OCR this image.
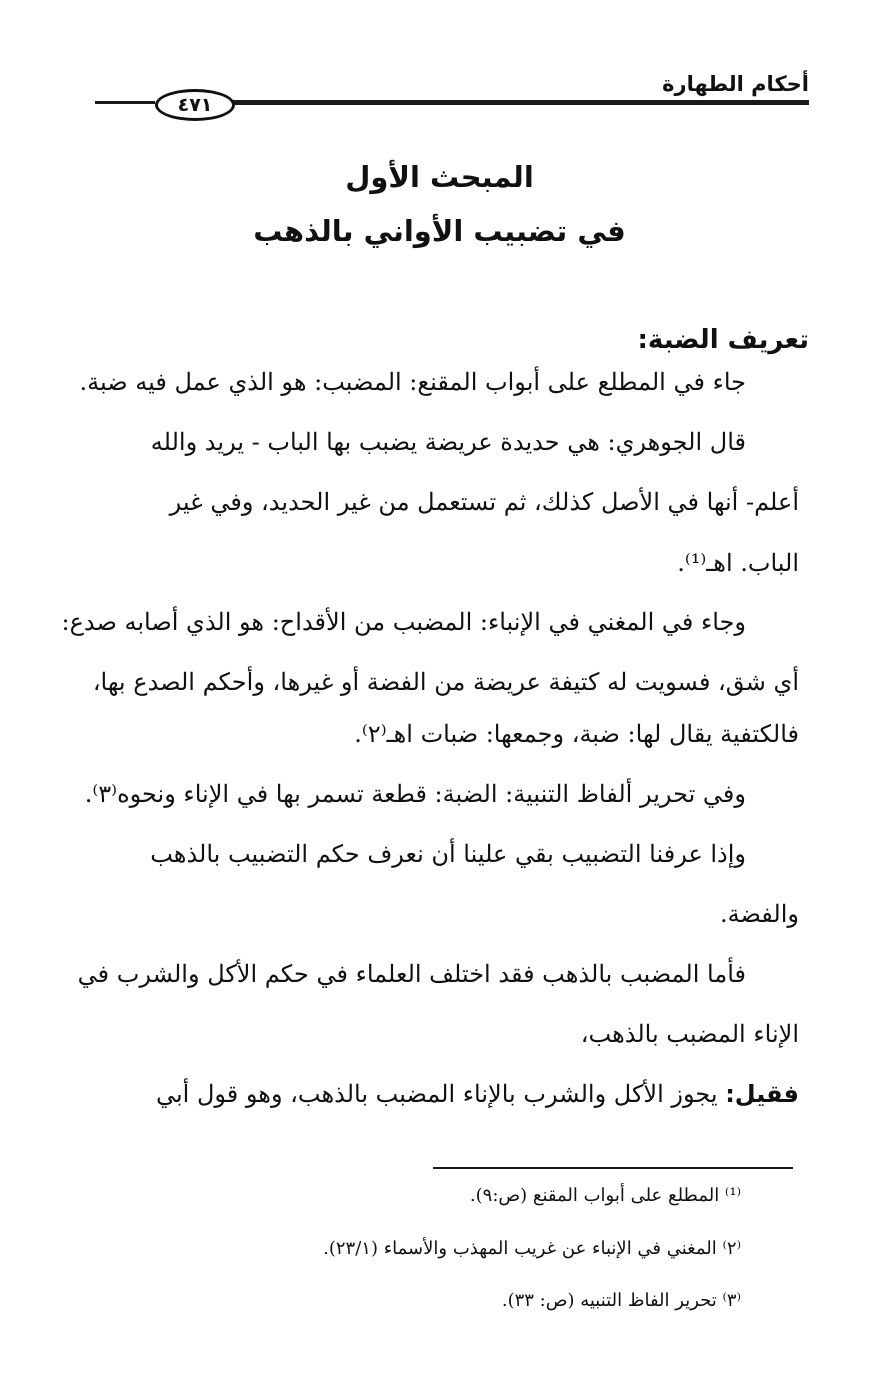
أحكام الطهارة
٤٧١
المبحث الأول
في تضبيب الأواني بالذهب
تعريف الضبة:
جاء في المطلع على أبواب المقنع: المضبب: هو الذي عمل فيه ضبة.
قال الجوهري: هي حديدة عريضة يضبب بها الباب - يريد والله
أعلم- أنها في الأصل كذلك، ثم تستعمل من غير الحديد، وفي غير
الباب. اهـ⁽¹⁾.
وجاء في المغني في الإنباء: المضبب من الأقداح: هو الذي أصابه صدع:
أي شق، فسويت له كتيفة عريضة من الفضة أو غيرها، وأحكم الصدع بها،
فالكتفية يقال لها: ضبة، وجمعها: ضبات اهـ⁽٢⁾.
وفي تحرير ألفاظ التنبية: الضبة: قطعة تسمر بها في الإناء ونحوه⁽٣⁾.
وإذا عرفنا التضبيب بقي علينا أن نعرف حكم التضبيب بالذهب
والفضة.
فأما المضبب بالذهب فقد اختلف العلماء في حكم الأكل والشرب في
الإناء المضبب بالذهب،
فقيل: يجوز الأكل والشرب بالإناء المضبب بالذهب، وهو قول أبي
⁽¹⁾ المطلع على أبواب المقنع (ص:٩).
⁽٢⁾ المغني في الإنباء عن غريب المهذب والأسماء (٢٣/١).
⁽٣⁾ تحرير الفاظ التنبيه (ص: ٣٣).
